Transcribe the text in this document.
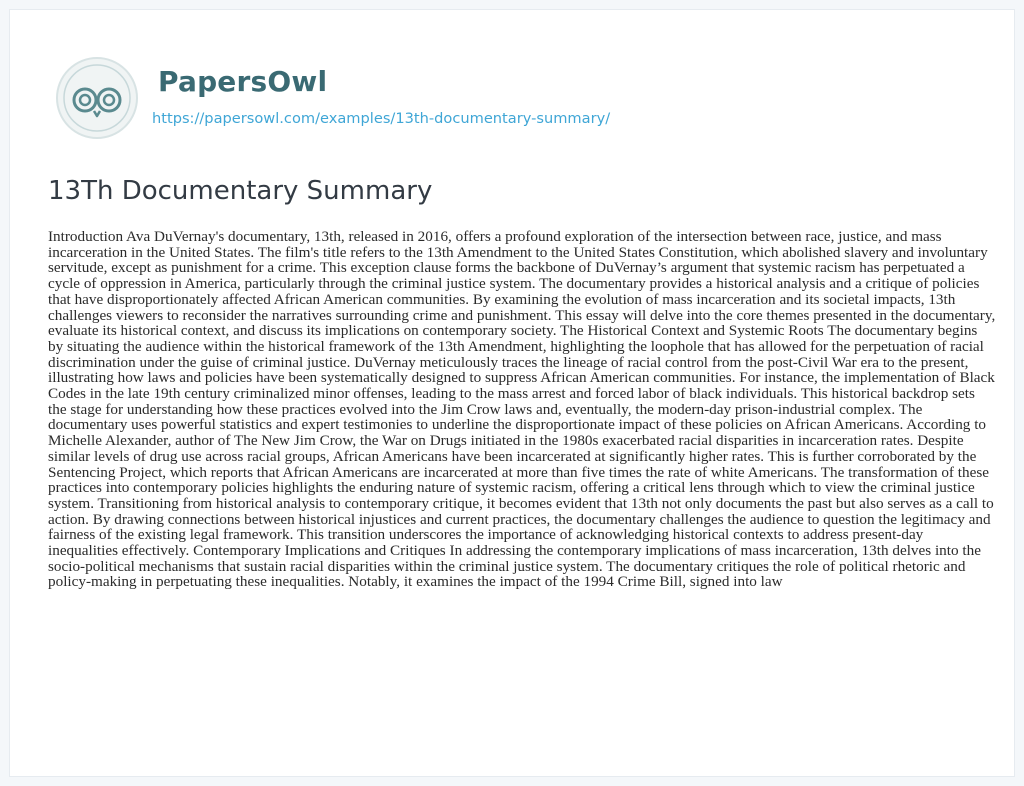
PapersOwl
https://papersowl.com/examples/13th-documentary-summary/
13Th Documentary Summary

Introduction Ava DuVernay's documentary, 13th, released in 2016, offers a profound exploration of the intersection between race, justice, and mass incarceration in the United States. The film's title refers to the 13th Amendment to the United States Constitution, which abolished slavery and involuntary servitude, except as punishment for a crime. This exception clause forms the backbone of DuVernay’s argument that systemic racism has perpetuated a cycle of oppression in America, particularly through the criminal justice system. The documentary provides a historical analysis and a critique of policies that have disproportionately affected African American communities. By examining the evolution of mass incarceration and its societal impacts, 13th challenges viewers to reconsider the narratives surrounding crime and punishment. This essay will delve into the core themes presented in the documentary, evaluate its historical context, and discuss its implications on contemporary society. The Historical Context and Systemic Roots The documentary begins by situating the audience within the historical framework of the 13th Amendment, highlighting the loophole that has allowed for the perpetuation of racial discrimination under the guise of criminal justice. DuVernay meticulously traces the lineage of racial control from the post-Civil War era to the present, illustrating how laws and policies have been systematically designed to suppress African American communities. For instance, the implementation of Black Codes in the late 19th century criminalized minor offenses, leading to the mass arrest and forced labor of black individuals. This historical backdrop sets the stage for understanding how these practices evolved into the Jim Crow laws and, eventually, the modern-day prison-industrial complex. The documentary uses powerful statistics and expert testimonies to underline the disproportionate impact of these policies on African Americans. According to Michelle Alexander, author of The New Jim Crow, the War on Drugs initiated in the 1980s exacerbated racial disparities in incarceration rates. Despite similar levels of drug use across racial groups, African Americans have been incarcerated at significantly higher rates. This is further corroborated by the Sentencing Project, which reports that African Americans are incarcerated at more than five times the rate of white Americans. The transformation of these practices into contemporary policies highlights the enduring nature of systemic racism, offering a critical lens through which to view the criminal justice system. Transitioning from historical analysis to contemporary critique, it becomes evident that 13th not only documents the past but also serves as a call to action. By drawing connections between historical injustices and current practices, the documentary challenges the audience to question the legitimacy and fairness of the existing legal framework. This transition underscores the importance of acknowledging historical contexts to address present-day inequalities effectively. Contemporary Implications and Critiques In addressing the contemporary implications of mass incarceration, 13th delves into the socio-political mechanisms that sustain racial disparities within the criminal justice system. The documentary critiques the role of political rhetoric and policy-making in perpetuating these inequalities. Notably, it examines the impact of the 1994 Crime Bill, signed into law
